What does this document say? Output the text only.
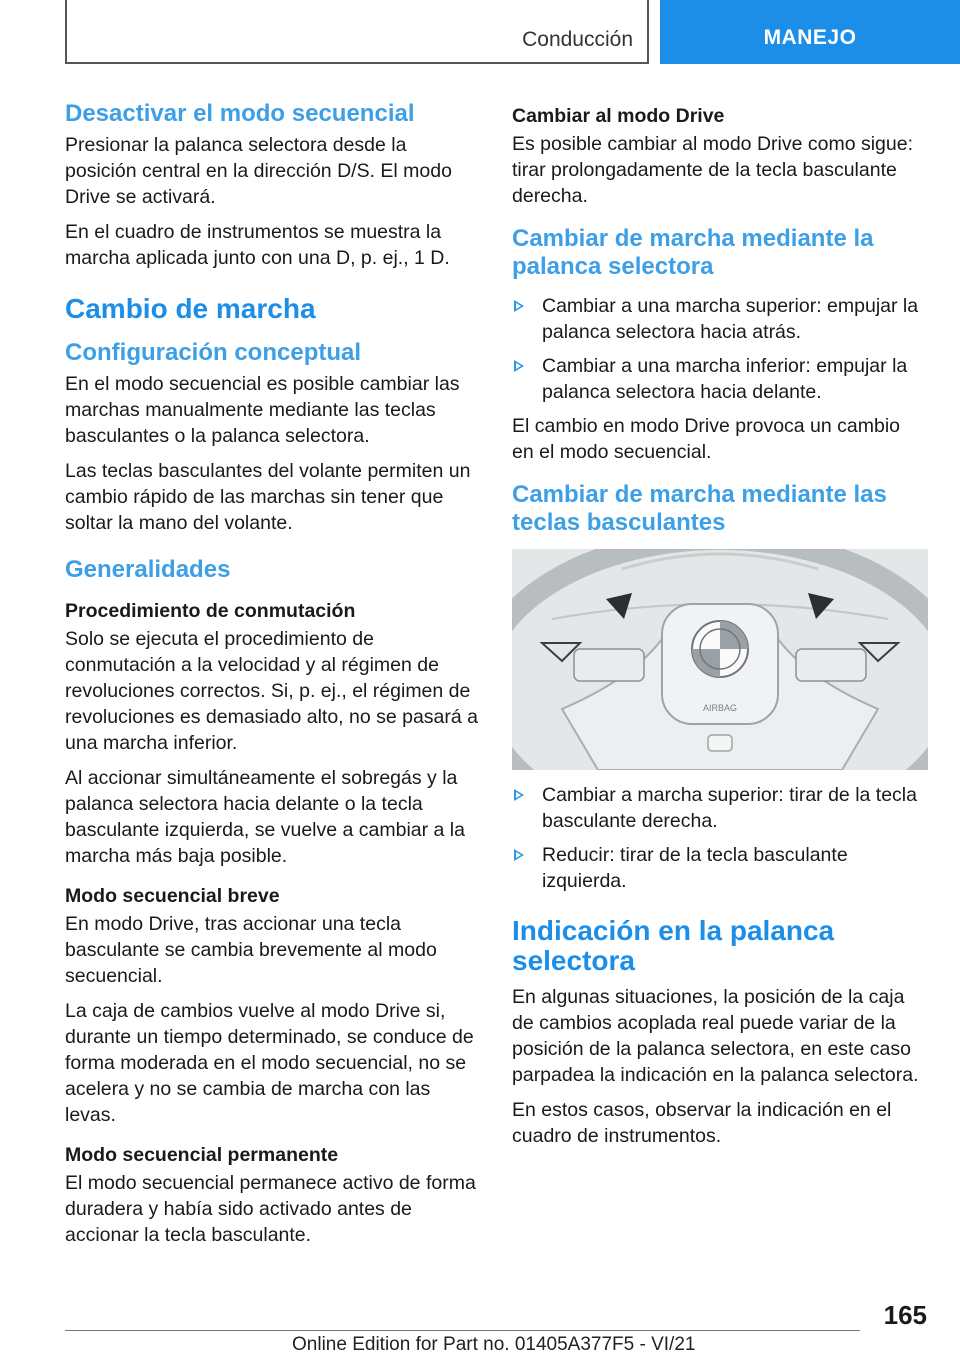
Conducción	MANEJO
Desactivar el modo secuencial

Presionar la palanca selectora desde la posición central en la dirección D/S. El modo Drive se activará.

En el cuadro de instrumentos se muestra la marcha aplicada junto con una D, p. ej., 1 D.

Cambio de marcha
Configuración conceptual

En el modo secuencial es posible cambiar las marchas manualmente mediante las teclas basculantes o la palanca selectora.

Las teclas basculantes del volante permiten un cambio rápido de las marchas sin tener que soltar la mano del volante.

Generalidades
Procedimiento de conmutación

Solo se ejecuta el procedimiento de conmutación a la velocidad y al régimen de revoluciones correctos. Si, p. ej., el régimen de revoluciones es demasiado alto, no se pasará a una marcha inferior.

Al accionar simultáneamente el sobregás y la palanca selectora hacia delante o la tecla basculante izquierda, se vuelve a cambiar a la marcha más baja posible.

Modo secuencial breve

En modo Drive, tras accionar una tecla basculante se cambia brevemente al modo secuencial.

La caja de cambios vuelve al modo Drive si, durante un tiempo determinado, se conduce de forma moderada en el modo secuencial, no se acelera y no se cambia de marcha con las levas.

Modo secuencial permanente

El modo secuencial permanece activo de forma duradera y había sido activado antes de accionar la tecla basculante.

Cambiar al modo Drive

Es posible cambiar al modo Drive como sigue: tirar prolongadamente de la tecla basculante derecha.

Cambiar de marcha mediante la palanca selectora
Cambiar a una marcha superior: empujar la palanca selectora hacia atrás.
Cambiar a una marcha inferior: empujar la palanca selectora hacia delante.

El cambio en modo Drive provoca un cambio en el modo secuencial.

Cambiar de marcha mediante las teclas basculantes
AIRBAG
Cambiar a marcha superior: tirar de la tecla basculante derecha.
Reducir: tirar de la tecla basculante izquierda.
Indicación en la palanca selectora

En algunas situaciones, la posición de la caja de cambios acoplada real puede variar de la posición de la palanca selectora, en este caso parpadea la indicación en la palanca selectora.

En estos casos, observar la indicación en el cuadro de instrumentos.

165
Online Edition for Part no. 01405A377F5 - VI/21
